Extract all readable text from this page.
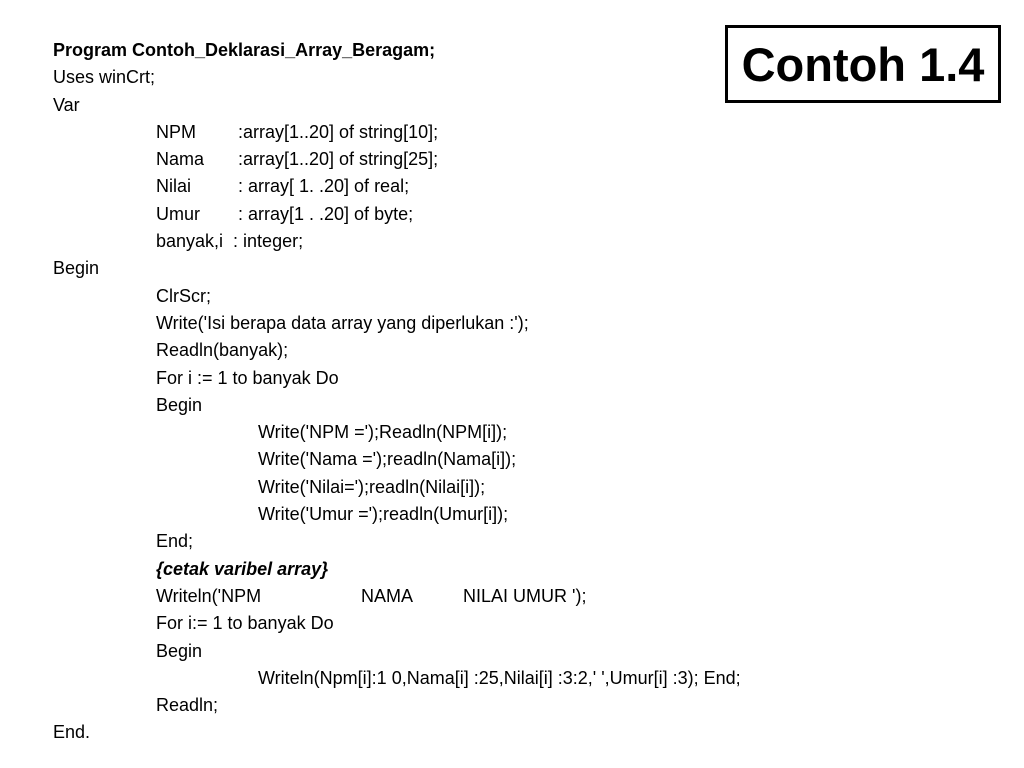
Contoh 1.4
Program Contoh_Deklarasi_Array_Beragam;
Uses winCrt;
Var
NPM :array[1..20] of string[10];
Nama :array[1..20] of string[25];
Nilai	: array[ 1. .20] of real;
Umur : array[1 . .20] of byte;
banyak,i  : integer;
Begin
ClrScr;
Write('Isi berapa data array yang diperlukan :');
Readln(banyak);
For i := 1 to banyak Do
Begin
Write('NPM =');Readln(NPM[i]);
Write('Nama =');readln(Nama[i]);
Write('Nilai=');readln(Nilai[i]);
Write('Umur =');readln(Umur[i]);
End;
{cetak varibel array}
Writeln('NPM	NAMA	NILAI UMUR ');
For i:= 1 to banyak Do
Begin
Writeln(Npm[i]:1 0,Nama[i] :25,Nilai[i] :3:2,' ',Umur[i] :3); End;
Readln;
End.
